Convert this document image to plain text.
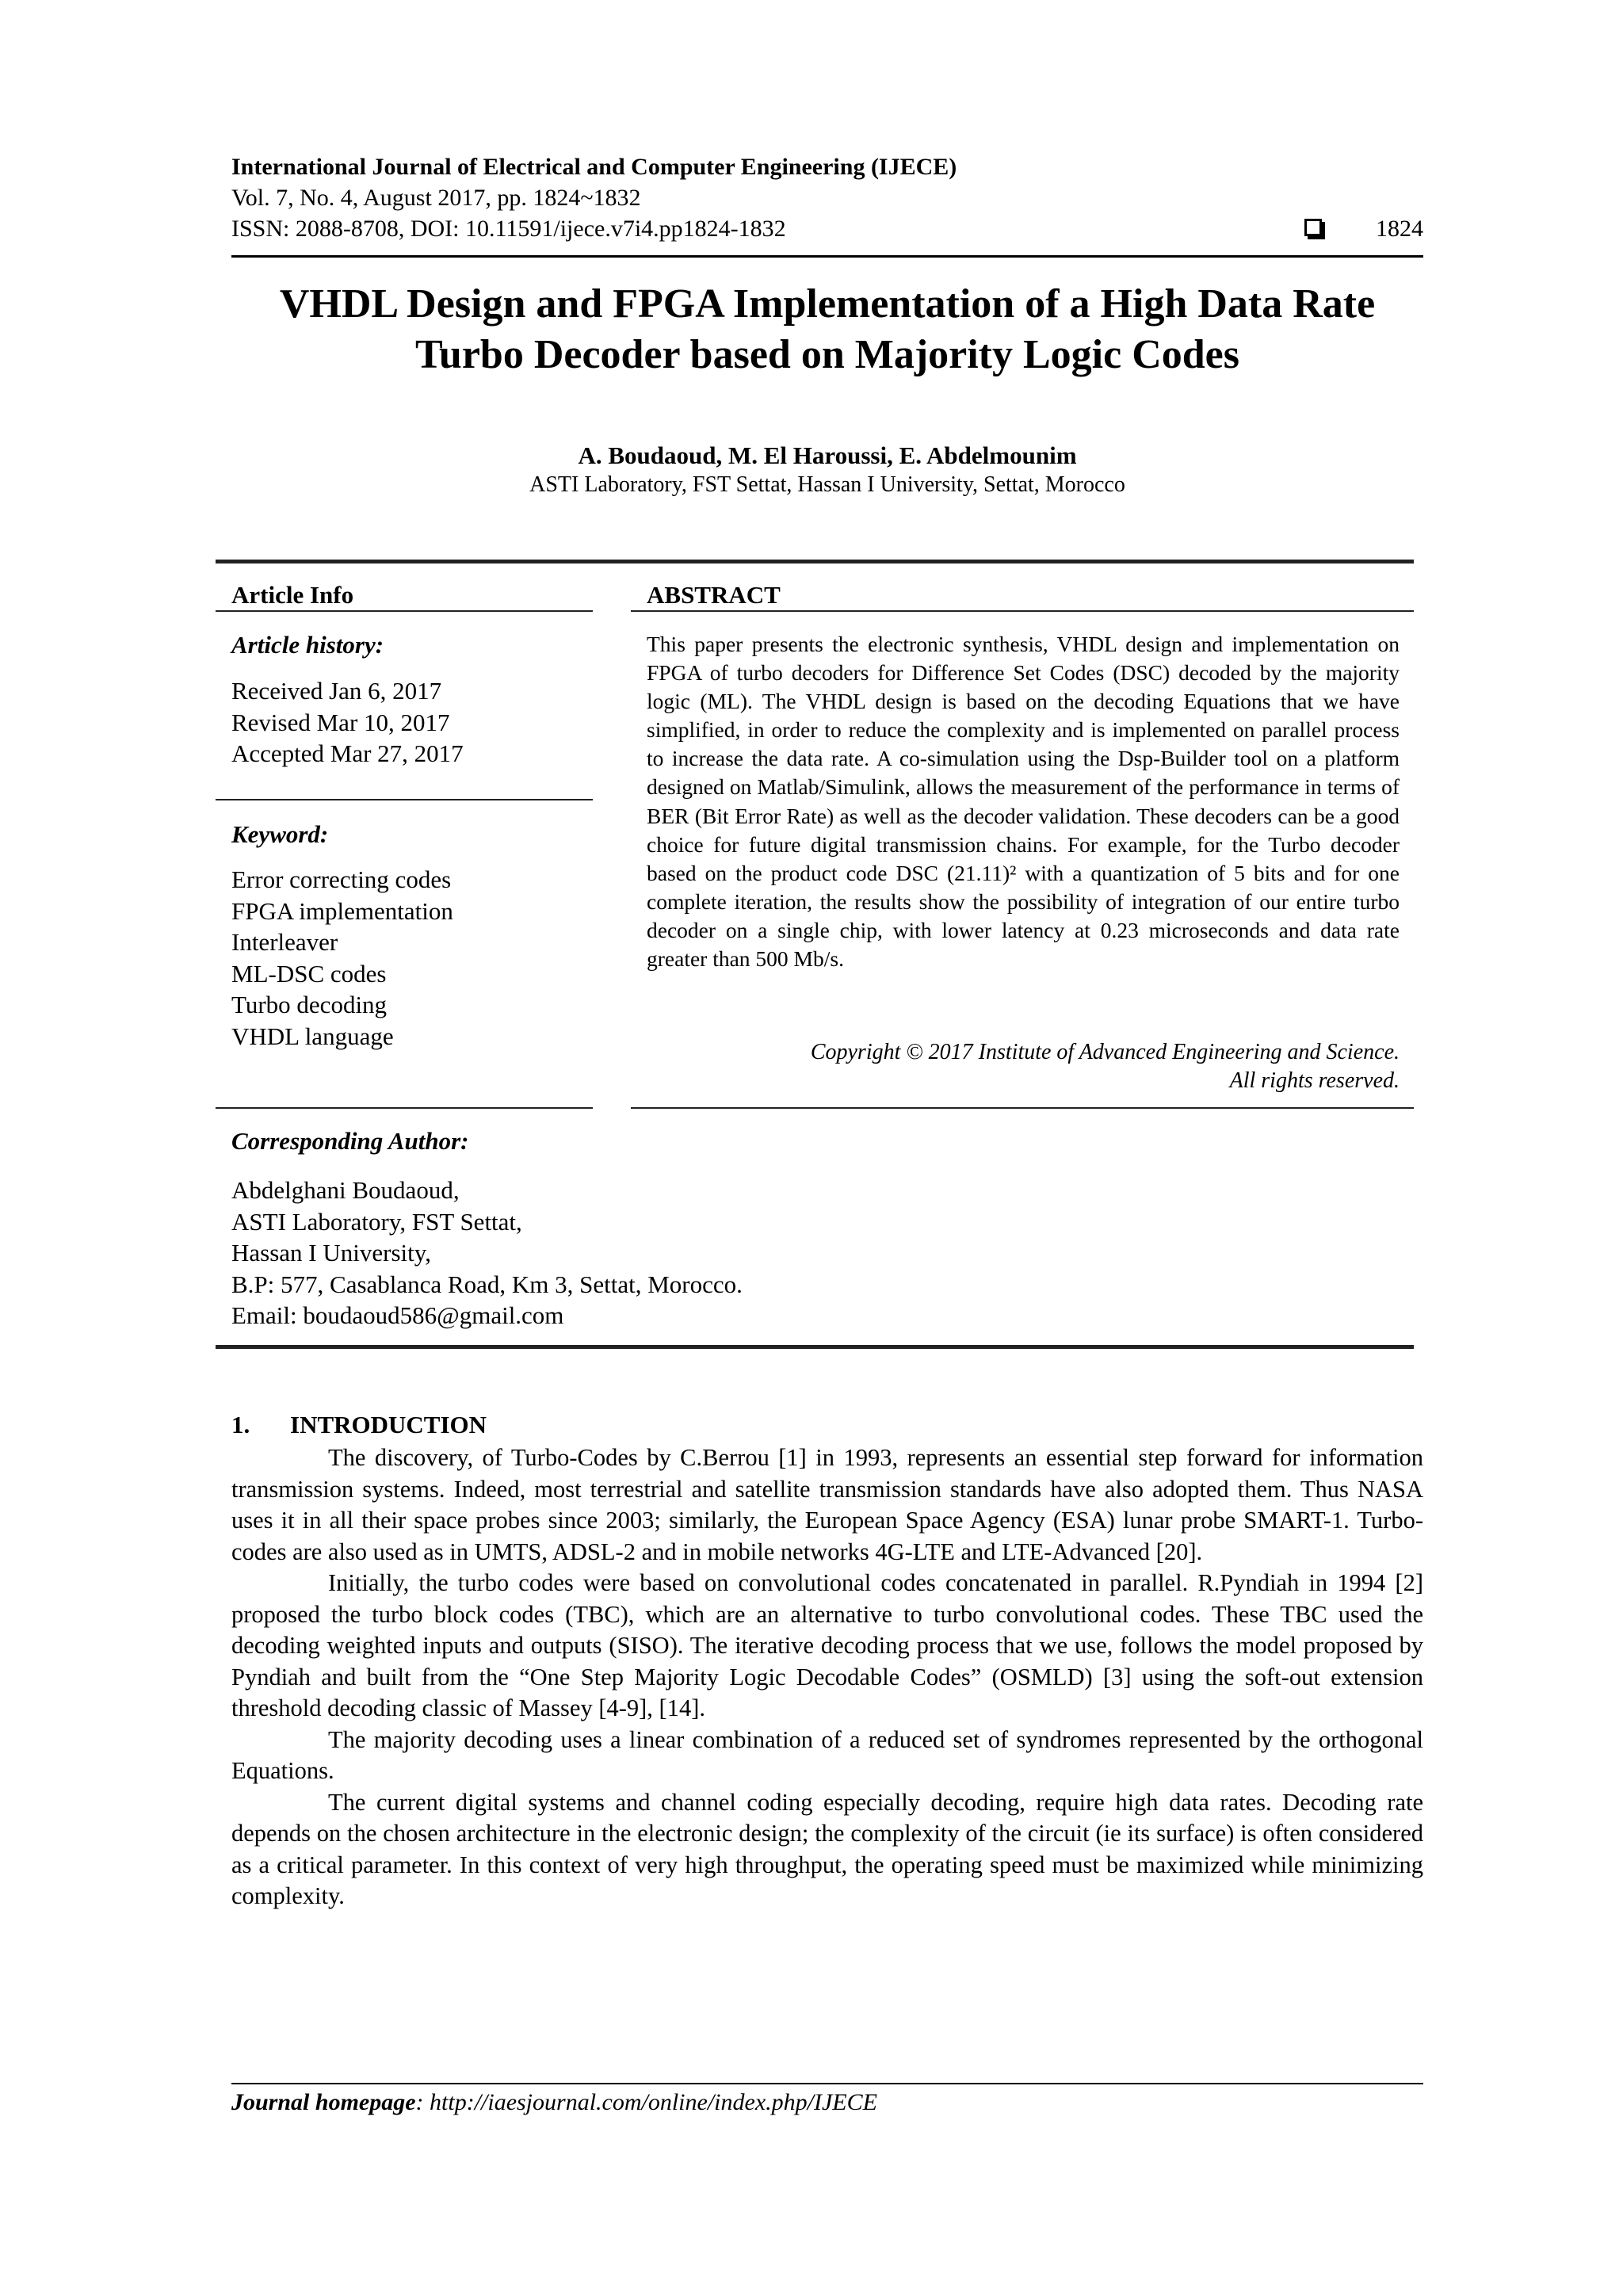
International Journal of Electrical and Computer Engineering (IJECE)
Vol. 7, No. 4, August 2017, pp. 1824~1832
ISSN: 2088-8708, DOI: 10.11591/ijece.v7i4.pp1824-1832	1824
VHDL Design and FPGA Implementation of a High Data Rate
Turbo Decoder based on Majority Logic Codes
A. Boudaoud, M. El Haroussi, E. Abdelmounim
ASTI Laboratory, FST Settat, Hassan I University, Settat, Morocco
Article Info
Article history:
Received Jan 6, 2017
Revised Mar 10, 2017
Accepted Mar 27, 2017
Keyword:
Error correcting codes
FPGA implementation
Interleaver
ML-DSC codes
Turbo decoding
VHDL language
ABSTRACT
This paper presents the electronic synthesis, VHDL design and implementation on FPGA of turbo decoders for Difference Set Codes (DSC) decoded by the majority logic (ML). The VHDL design is based on the decoding Equations that we have simplified, in order to reduce the complexity and is implemented on parallel process to increase the data rate. A co-simulation using the Dsp-Builder tool on a platform designed on Matlab/Simulink, allows the measurement of the performance in terms of BER (Bit Error Rate) as well as the decoder validation. These decoders can be a good choice for future digital transmission chains. For example, for the Turbo decoder based on the product code DSC (21.11)² with a quantization of 5 bits and for one complete iteration, the results show the possibility of integration of our entire turbo decoder on a single chip, with lower latency at 0.23 microseconds and data rate greater than 500 Mb/s.
Copyright © 2017 Institute of Advanced Engineering and Science.
All rights reserved.
Corresponding Author:
Abdelghani Boudaoud,
ASTI Laboratory, FST Settat,
Hassan I University,
B.P: 577, Casablanca Road, Km 3, Settat, Morocco.
Email: boudaoud586@gmail.com
1. INTRODUCTION

The discovery, of Turbo-Codes by C.Berrou [1] in 1993, represents an essential step forward for information transmission systems. Indeed, most terrestrial and satellite transmission standards have also adopted them. Thus NASA uses it in all their space probes since 2003; similarly, the European Space Agency (ESA) lunar probe SMART-1. Turbo-codes are also used as in UMTS, ADSL-2 and in mobile networks 4G-LTE and LTE-Advanced [20].

Initially, the turbo codes were based on convolutional codes concatenated in parallel. R.Pyndiah in 1994 [2] proposed the turbo block codes (TBC), which are an alternative to turbo convolutional codes. These TBC used the decoding weighted inputs and outputs (SISO). The iterative decoding process that we use, follows the model proposed by Pyndiah and built from the “One Step Majority Logic Decodable Codes” (OSMLD) [3] using the soft-out extension threshold decoding classic of Massey [4-9], [14].

The majority decoding uses a linear combination of a reduced set of syndromes represented by the orthogonal Equations.

The current digital systems and channel coding especially decoding, require high data rates. Decoding rate depends on the chosen architecture in the electronic design; the complexity of the circuit (ie its surface) is often considered as a critical parameter. In this context of very high throughput, the operating speed must be maximized while minimizing complexity.

Journal homepage: http://iaesjournal.com/online/index.php/IJECE
